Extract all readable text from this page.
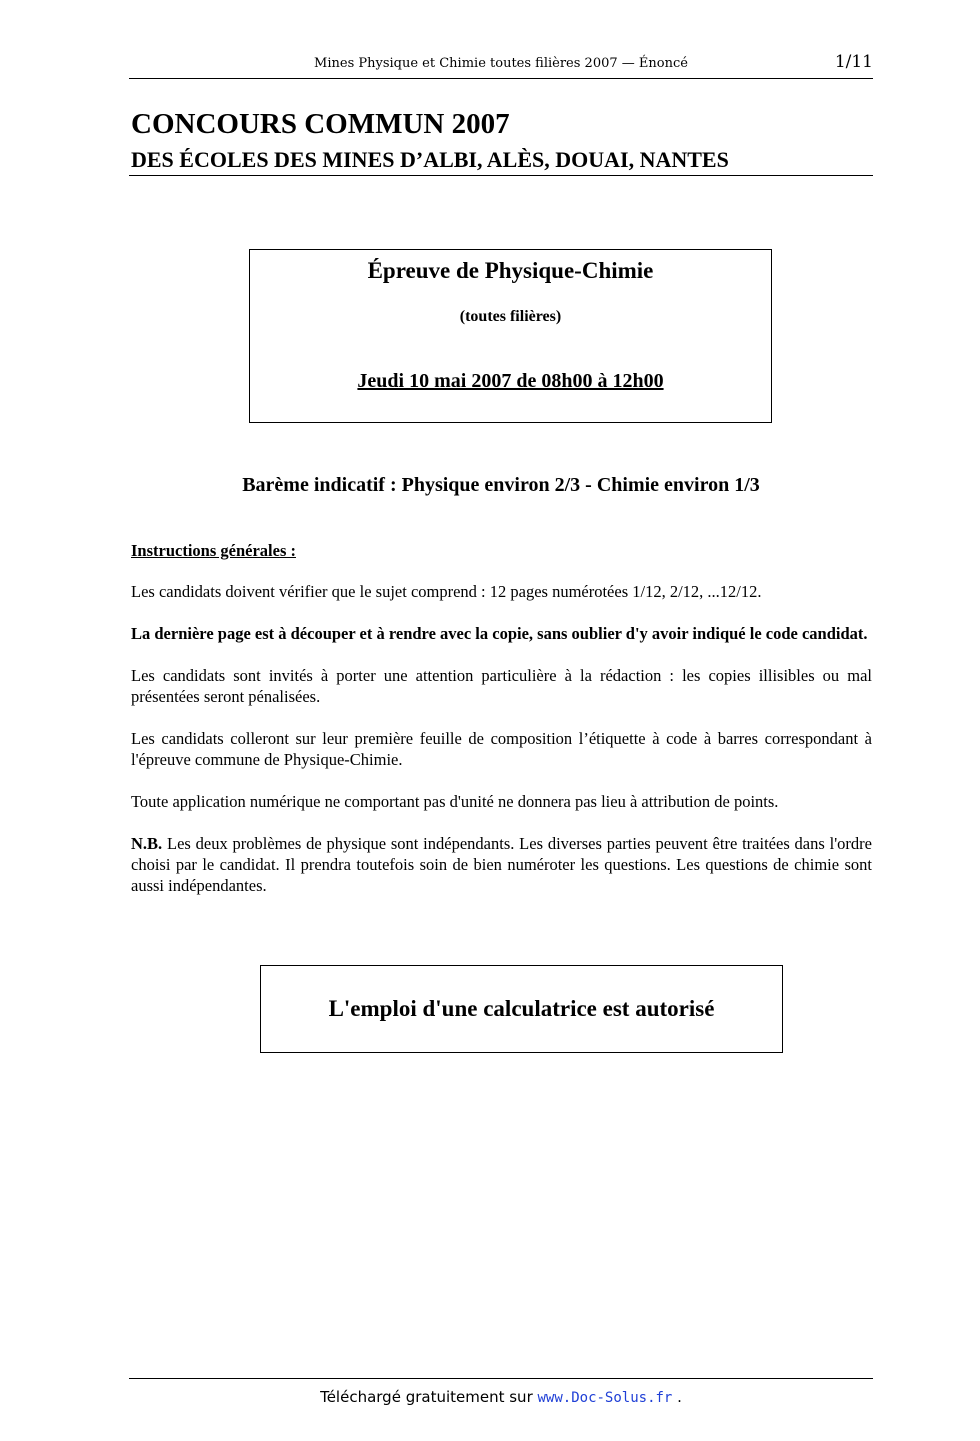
Mines Physique et Chimie toutes filières 2007 — Énoncé	1/11
CONCOURS COMMUN 2007
DES ÉCOLES DES MINES D’ALBI, ALÈS, DOUAI, NANTES
Épreuve de Physique-Chimie
(toutes filières)
Jeudi 10 mai 2007 de 08h00 à 12h00
Barème indicatif : Physique environ 2/3 - Chimie environ 1/3

Instructions générales :

Les candidats doivent vérifier que le sujet comprend : 12 pages numérotées 1/12, 2/12, ...12/12.

La dernière page est à découper et à rendre avec la copie, sans oublier d'y avoir indiqué le code candidat.

Les candidats sont invités à porter une attention particulière à la rédaction : les copies illisibles ou mal présentées seront pénalisées.

Les candidats colleront sur leur première feuille de composition l’étiquette à code à barres correspondant à l'épreuve commune de Physique-Chimie.

Toute application numérique ne comportant pas d'unité ne donnera pas lieu à attribution de points.

N.B. Les deux problèmes de physique sont indépendants. Les diverses parties peuvent être traitées dans l'ordre choisi par le candidat. Il prendra toutefois soin de bien numéroter les questions. Les questions de chimie sont aussi indépendantes.

L'emploi d'une calculatrice est autorisé
Téléchargé gratuitement sur www.Doc-Solus.fr .
